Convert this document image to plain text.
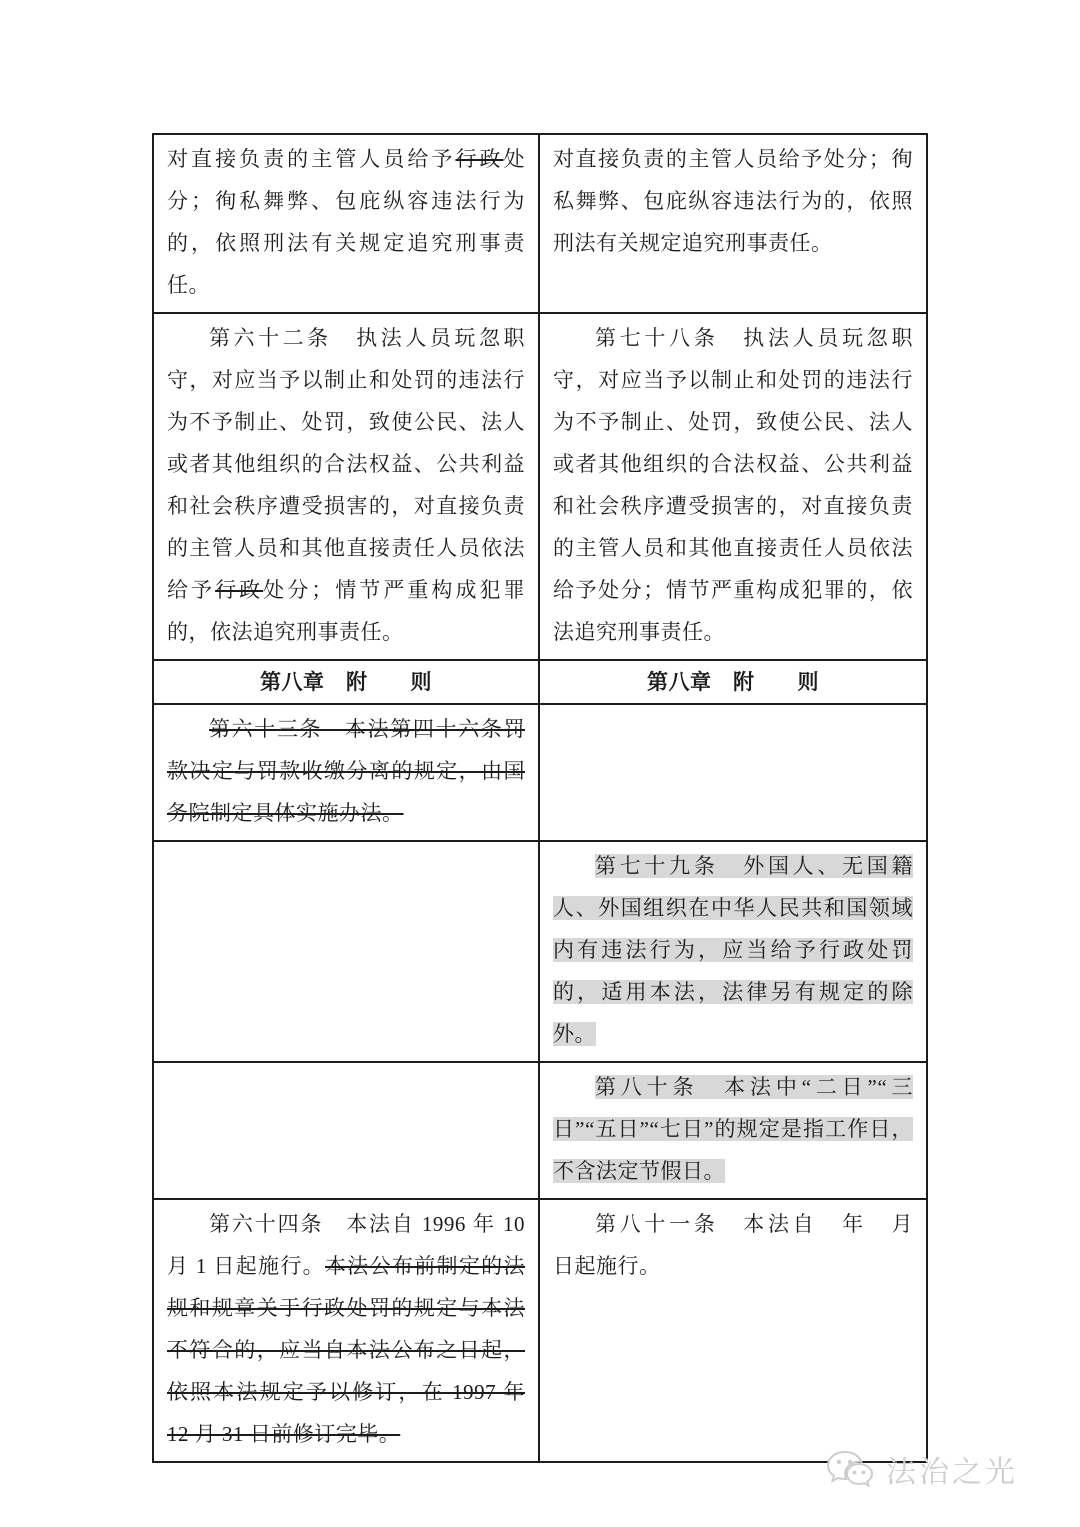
对直接负责的主管人员给予行政处分；徇私舞弊、包庇纵容违法行为的，依照刑法有关规定追究刑事责任。

对直接负责的主管人员给予处分；徇私舞弊、包庇纵容违法行为的，依照刑法有关规定追究刑事责任。

第六十二条　执法人员玩忽职守，对应当予以制止和处罚的违法行为不予制止、处罚，致使公民、法人或者其他组织的合法权益、公共利益和社会秩序遭受损害的，对直接负责的主管人员和其他直接责任人员依法给予行政处分；情节严重构成犯罪的，依法追究刑事责任。

第七十八条　执法人员玩忽职守，对应当予以制止和处罚的违法行为不予制止、处罚，致使公民、法人或者其他组织的合法权益、公共利益和社会秩序遭受损害的，对直接负责的主管人员和其他直接责任人员依法给予处分；情节严重构成犯罪的，依法追究刑事责任。

第八章　附　　则	第八章　附　　则

第六十三条　本法第四十六条罚款决定与罚款收缴分离的规定，由国务院制定具体实施办法。

第七十九条　外国人、无国籍人、外国组织在中华人民共和国领域内有违法行为，应当给予行政处罚的，适用本法，法律另有规定的除外。

第八十条　本法中“二日”“三日”“五日”“七日”的规定是指工作日，不含法定节假日。

第六十四条　本法自 1996 年 10 月 1 日起施行。本法公布前制定的法规和规章关于行政处罚的规定与本法不符合的，应当自本法公布之日起，依照本法规定予以修订，在 1997 年 12 月 31 日前修订完毕。

第八十一条　本法自　年　月　日起施行。

法治之光
